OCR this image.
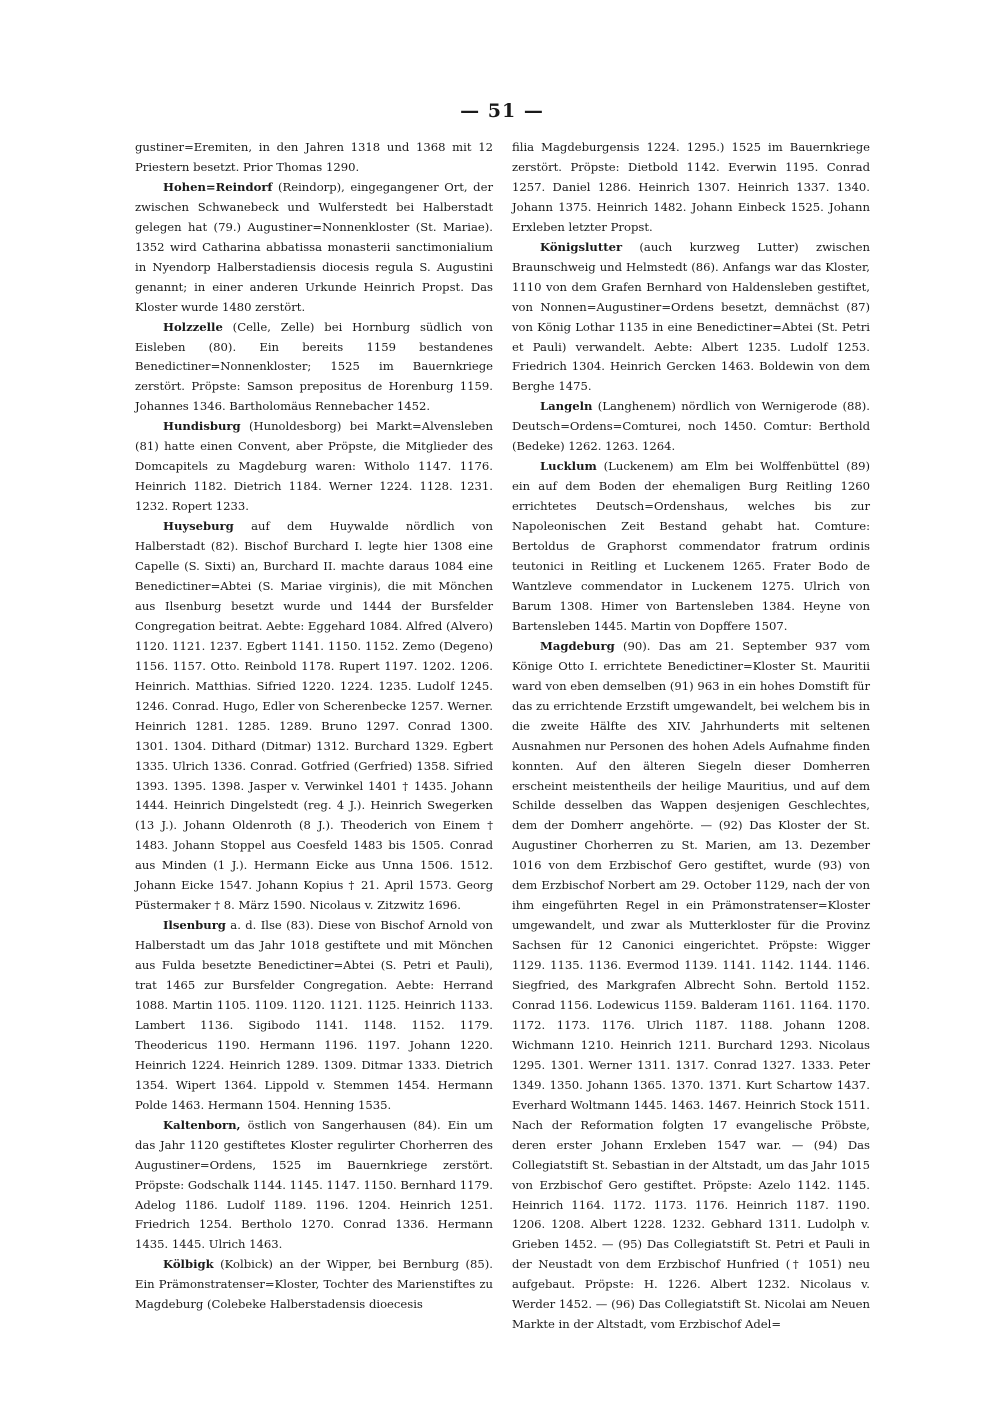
— 51 —

gustiner=Eremiten, in den Jahren 1318 und 1368 mit 12 Priestern besetzt. Prior Thomas 1290.

Hohen=Reindorf (Reindorp), eingegangener Ort, der zwischen Schwanebeck und Wulferstedt bei Halberstadt gelegen hat (79.) Augustiner=Nonnenkloster (St. Mariae). 1352 wird Catharina abbatissa monasterii sanctimonialium in Nyendorp Halberstadiensis diocesis regula S. Augustini genannt; in einer anderen Urkunde Heinrich Propst. Das Kloster wurde 1480 zerstört.

Holzzelle (Celle, Zelle) bei Hornburg südlich von Eisleben (80). Ein bereits 1159 bestandenes Benedictiner=Nonnenkloster; 1525 im Bauernkriege zerstört. Pröpste: Samson prepositus de Horenburg 1159. Johannes 1346. Bartholomäus Rennebacher 1452.

Hundisburg (Hunoldesborg) bei Markt=Alvensleben (81) hatte einen Convent, aber Pröpste, die Mitglieder des Domcapitels zu Magdeburg waren: Witholo 1147. 1176. Heinrich 1182. Dietrich 1184. Werner 1224. 1128. 1231. 1232. Ropert 1233.

Huyseburg auf dem Huywalde nördlich von Halberstadt (82). Bischof Burchard I. legte hier 1308 eine Capelle (S. Sixti) an, Burchard II. machte daraus 1084 eine Benedictiner=Abtei (S. Mariae virginis), die mit Mönchen aus Ilsenburg besetzt wurde und 1444 der Bursfelder Congregation beitrat. Aebte: Eggehard 1084. Alfred (Alvero) 1120. 1121. 1237. Egbert 1141. 1150. 1152. Zemo (Degeno) 1156. 1157. Otto. Reinbold 1178. Rupert 1197. 1202. 1206. Heinrich. Matthias. Sifried 1220. 1224. 1235. Ludolf 1245. 1246. Conrad. Hugo, Edler von Scherenbecke 1257. Werner. Heinrich 1281. 1285. 1289. Bruno 1297. Conrad 1300. 1301. 1304. Dithard (Ditmar) 1312. Burchard 1329. Egbert 1335. Ulrich 1336. Conrad. Gotfried (Gerfried) 1358. Sifried 1393. 1395. 1398. Jasper v. Verwinkel 1401 † 1435. Johann 1444. Heinrich Dingelstedt (reg. 4 J.). Heinrich Swegerken (13 J.). Johann Oldenroth (8 J.). Theoderich von Einem † 1483. Johann Stoppel aus Coesfeld 1483 bis 1505. Conrad aus Minden (1 J.). Hermann Eicke aus Unna 1506. 1512. Johann Eicke 1547. Johann Kopius † 21. April 1573. Georg Püstermaker † 8. März 1590. Nicolaus v. Zitzwitz 1696.

Ilsenburg a. d. Ilse (83). Diese von Bischof Arnold von Halberstadt um das Jahr 1018 gestiftete und mit Mönchen aus Fulda besetzte Benedictiner=Abtei (S. Petri et Pauli), trat 1465 zur Bursfelder Congregation. Aebte: Herrand 1088. Martin 1105. 1109. 1120. 1121. 1125. Heinrich 1133. Lambert 1136. Sigibodo 1141. 1148. 1152. 1179. Theodericus 1190. Hermann 1196. 1197. Johann 1220. Heinrich 1224. Heinrich 1289. 1309. Ditmar 1333. Dietrich 1354. Wipert 1364. Lippold v. Stemmen 1454. Hermann Polde 1463. Hermann 1504. Henning 1535.

Kaltenborn, östlich von Sangerhausen (84). Ein um das Jahr 1120 gestiftetes Kloster regulirter Chorherren des Augustiner=Ordens, 1525 im Bauernkriege zerstört. Pröpste: Godschalk 1144. 1145. 1147. 1150. Bernhard 1179. Adelog 1186. Ludolf 1189. 1196. 1204. Heinrich 1251. Friedrich 1254. Bertholo 1270. Conrad 1336. Hermann 1435. 1445. Ulrich 1463.

Kölbigk (Kolbick) an der Wipper, bei Bernburg (85). Ein Prämonstratenser=Kloster, Tochter des Marienstiftes zu Magdeburg (Colebeke Halberstadensis dioecesis

filia Magdeburgensis 1224. 1295.) 1525 im Bauernkriege zerstört. Pröpste: Dietbold 1142. Everwin 1195. Conrad 1257. Daniel 1286. Heinrich 1307. Heinrich 1337. 1340. Johann 1375. Heinrich 1482. Johann Einbeck 1525. Johann Erxleben letzter Propst.

Königslutter (auch kurzweg Lutter) zwischen Braunschweig und Helmstedt (86). Anfangs war das Kloster, 1110 von dem Grafen Bernhard von Haldensleben gestiftet, von Nonnen=Augustiner=Ordens besetzt, demnächst (87) von König Lothar 1135 in eine Benedictiner=Abtei (St. Petri et Pauli) verwandelt. Aebte: Albert 1235. Ludolf 1253. Friedrich 1304. Heinrich Gercken 1463. Boldewin von dem Berghe 1475.

Langeln (Langhenem) nördlich von Wernigerode (88). Deutsch=Ordens=Comturei, noch 1450. Comtur: Berthold (Bedeke) 1262. 1263. 1264.

Lucklum (Luckenem) am Elm bei Wolffenbüttel (89) ein auf dem Boden der ehemaligen Burg Reitling 1260 errichtetes Deutsch=Ordenshaus, welches bis zur Napoleonischen Zeit Bestand gehabt hat. Comture: Bertoldus de Graphorst commendator fratrum ordinis teutonici in Reitling et Luckenem 1265. Frater Bodo de Wantzleve commendator in Luckenem 1275. Ulrich von Barum 1308. Himer von Bartensleben 1384. Heyne von Bartensleben 1445. Martin von Dopffere 1507.

Magdeburg (90). Das am 21. September 937 vom Könige Otto I. errichtete Benedictiner=Kloster St. Mauritii ward von eben demselben (91) 963 in ein hohes Domstift für das zu errichtende Erzstift umgewandelt, bei welchem bis in die zweite Hälfte des XIV. Jahrhunderts mit seltenen Ausnahmen nur Personen des hohen Adels Aufnahme finden konnten. Auf den älteren Siegeln dieser Domherren erscheint meistentheils der heilige Mauritius, und auf dem Schilde desselben das Wappen desjenigen Geschlechtes, dem der Domherr angehörte. — (92) Das Kloster der St. Augustiner Chorherren zu St. Marien, am 13. Dezember 1016 von dem Erzbischof Gero gestiftet, wurde (93) von dem Erzbischof Norbert am 29. October 1129, nach der von ihm eingeführten Regel in ein Prämonstratenser=Kloster umgewandelt, und zwar als Mutterkloster für die Provinz Sachsen für 12 Canonici eingerichtet. Pröpste: Wigger 1129. 1135. 1136. Evermod 1139. 1141. 1142. 1144. 1146. Siegfried, des Markgrafen Albrecht Sohn. Bertold 1152. Conrad 1156. Lodewicus 1159. Balderam 1161. 1164. 1170. 1172. 1173. 1176. Ulrich 1187. 1188. Johann 1208. Wichmann 1210. Heinrich 1211. Burchard 1293. Nicolaus 1295. 1301. Werner 1311. 1317. Conrad 1327. 1333. Peter 1349. 1350. Johann 1365. 1370. 1371. Kurt Schartow 1437. Everhard Woltmann 1445. 1463. 1467. Heinrich Stock 1511. Nach der Reformation folgten 17 evangelische Pröbste, deren erster Johann Erxleben 1547 war. — (94) Das Collegiatstift St. Sebastian in der Altstadt, um das Jahr 1015 von Erzbischof Gero gestiftet. Pröpste: Azelo 1142. 1145. Heinrich 1164. 1172. 1173. 1176. Heinrich 1187. 1190. 1206. 1208. Albert 1228. 1232. Gebhard 1311. Ludolph v. Grieben 1452. — (95) Das Collegiatstift St. Petri et Pauli in der Neustadt von dem Erzbischof Hunfried († 1051) neu aufgebaut. Pröpste: H. 1226. Albert 1232. Nicolaus v. Werder 1452. — (96) Das Collegiatstift St. Nicolai am Neuen Markte in der Altstadt, vom Erzbischof Adel=
